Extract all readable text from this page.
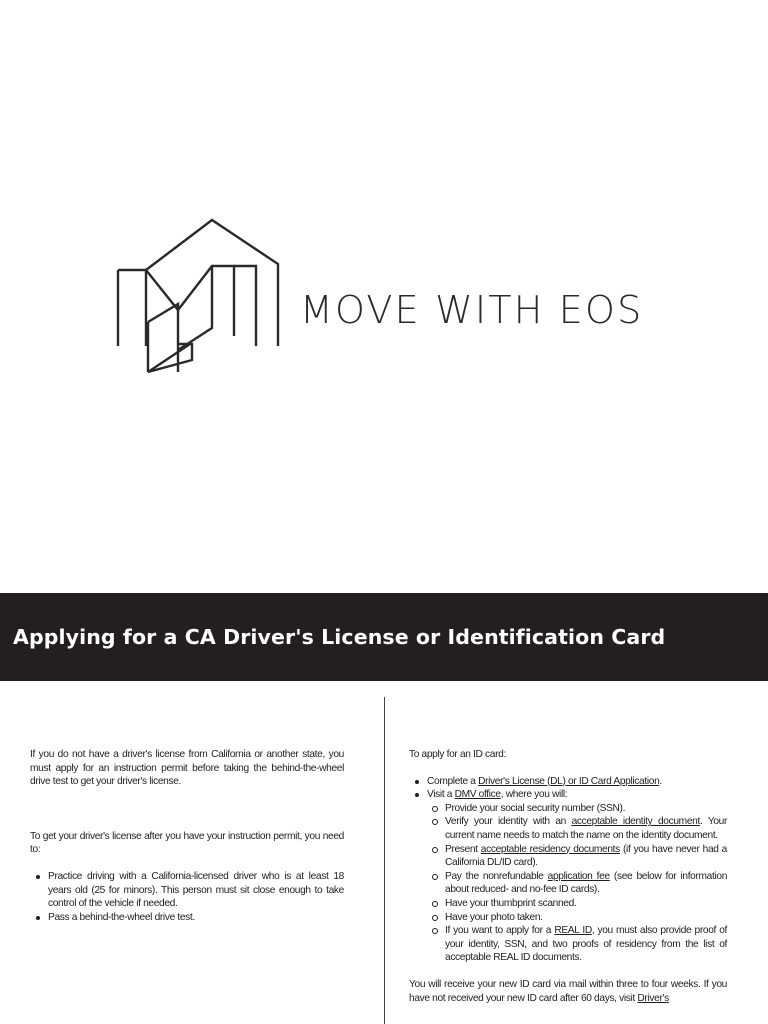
MOVE WITH EOS
Applying for a CA Driver's License or Identification Card

If you do not have a driver's license from California or another state, you must apply for an instruction permit before taking the behind-the-wheel drive test to get your driver's license.

To get your driver's license after you have your instruction permit, you need to:

Practice driving with a California-licensed driver who is at least 18 years old (25 for minors). This person must sit close enough to take control of the vehicle if needed.
Pass a behind-the-wheel drive test.

To apply for an ID card:

Complete a Driver's License (DL) or ID Card Application.
Visit a DMV office, where you will:
Provide your social security number (SSN).
Verify your identity with an acceptable identity document. Your current name needs to match the name on the identity document.
Present acceptable residency documents (if you have never had a California DL/ID card).
Pay the nonrefundable application fee (see below for information about reduced- and no-fee ID cards).
Have your thumbprint scanned.
Have your photo taken.
If you want to apply for a REAL ID, you must also provide proof of your identity, SSN, and two proofs of residency from the list of acceptable REAL ID documents.

You will receive your new ID card via mail within three to four weeks. If you have not received your new ID card after 60 days, visit Driver's
